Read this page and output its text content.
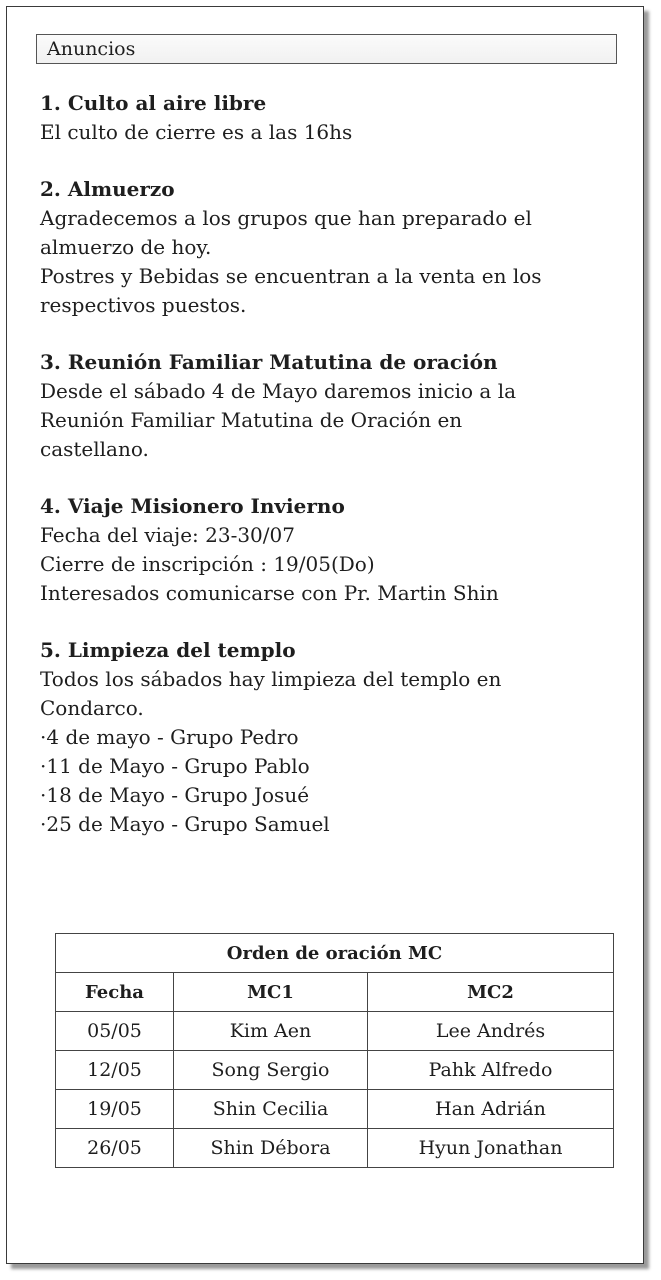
Anuncios

1. Culto al aire libre

El culto de cierre es a las 16hs

2. Almuerzo

Agradecemos a los grupos que han preparado el

almuerzo de hoy.

Postres y Bebidas se encuentran a la venta en los

respectivos puestos.

3. Reunión Familiar Matutina de oración

Desde el sábado 4 de Mayo daremos inicio a la

Reunión Familiar Matutina de Oración en

castellano.

4. Viaje Misionero Invierno

Fecha del viaje: 23-30/07

Cierre de inscripción : 19/05(Do)

Interesados comunicarse con Pr. Martin Shin

5. Limpieza del templo

Todos los sábados hay limpieza del templo en

Condarco.

·4 de mayo - Grupo Pedro

·11 de Mayo - Grupo Pablo

·18 de Mayo - Grupo Josué

·25 de Mayo - Grupo Samuel

Orden de oración MC		
Fecha	MC1	MC2
05/05	Kim Aen	Lee Andrés
12/05	Song Sergio	Pahk Alfredo
19/05	Shin Cecilia	Han Adrián
26/05	Shin Débora	Hyun Jonathan
